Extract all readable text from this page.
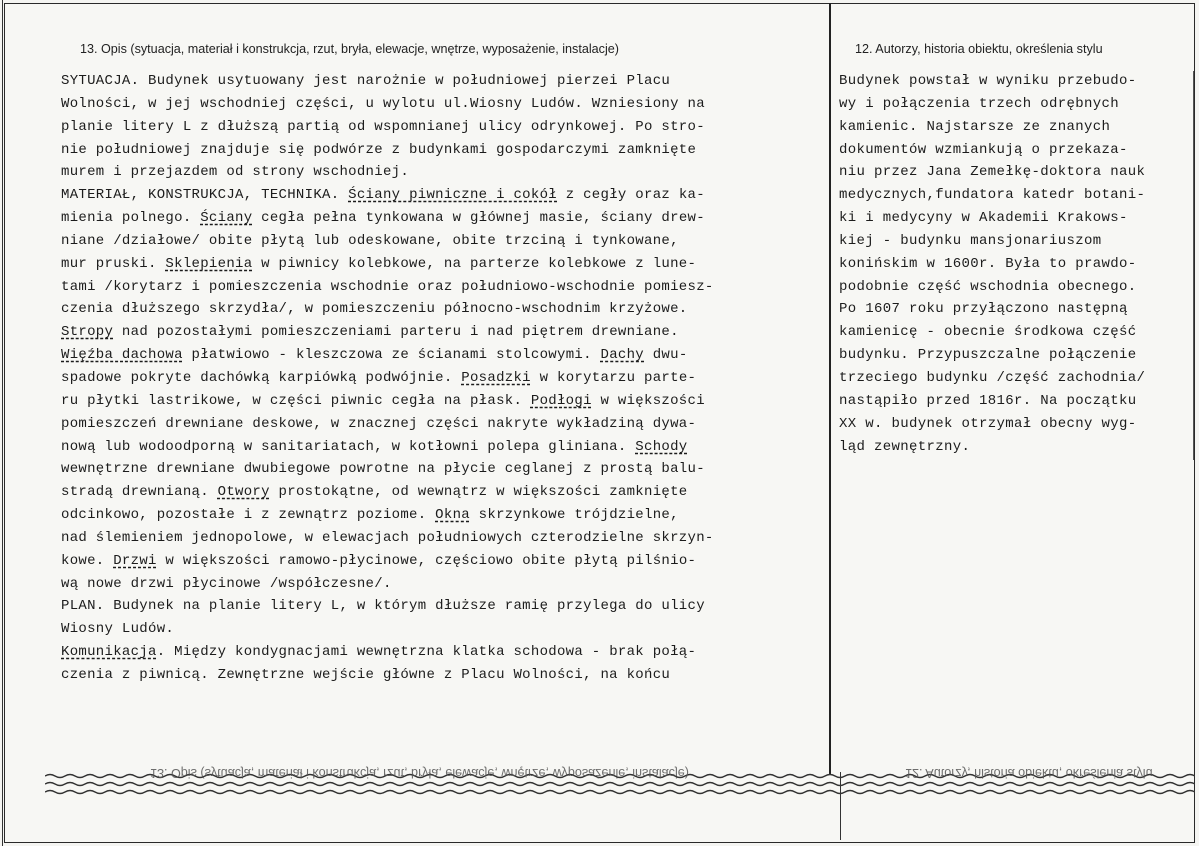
13. Opis (sytuacja, materiał i konstrukcja, rzut, bryła, elewacje, wnętrze, wyposażenie, instalacje)	12. Autorzy, historia obiektu, określenia stylu
SYTUACJA. Budynek usytuowany jest narożnie w południowej pierzei Placu
Wolności, w jej wschodniej części, u wylotu ul.Wiosny Ludów. Wzniesiony na
planie litery L z dłuższą partią od wspomnianej ulicy odrynkowej. Po stro-
nie południowej znajduje się podwórze z budynkami gospodarczymi zamknięte
murem i przejazdem od strony wschodniej.
MATERIAŁ, KONSTRUKCJA, TECHNIKA. Ściany piwniczne i cokół z cegły oraz ka-
mienia polnego. Ściany cegła pełna tynkowana w głównej masie, ściany drew-
niane /działowe/ obite płytą lub odeskowane, obite trzciną i tynkowane,
mur pruski. Sklepienia w piwnicy kolebkowe, na parterze kolebkowe z lune-
tami /korytarz i pomieszczenia wschodnie oraz południowo-wschodnie pomiesz-
czenia dłuższego skrzydła/, w pomieszczeniu północno-wschodnim krzyżowe.
Stropy nad pozostałymi pomieszczeniami parteru i nad piętrem drewniane.
Więźba dachowa płatwiowo - kleszczowa ze ścianami stolcowymi. Dachy dwu-
spadowe pokryte dachówką karpiówką podwójnie. Posadzki w korytarzu parte-
ru płytki lastrikowe, w części piwnic cegła na płask. Podłogi w większości
pomieszczeń drewniane deskowe, w znacznej części nakryte wykładziną dywa-
nową lub wodoodporną w sanitariatach, w kotłowni polepa gliniana. Schody
wewnętrzne drewniane dwubiegowe powrotne na płycie ceglanej z prostą balu-
stradą drewnianą. Otwory prostokątne, od wewnątrz w większości zamknięte
odcinkowo, pozostałe i z zewnątrz poziome. Okna skrzynkowe trójdzielne,
nad ślemieniem jednopolowe, w elewacjach południowych czterodzielne skrzyn-
kowe. Drzwi w większości ramowo-płycinowe, częściowo obite płytą pilśnio-
wą nowe drzwi płycinowe /współczesne/.
PLAN. Budynek na planie litery L, w którym dłuższe ramię przylega do ulicy
Wiosny Ludów.
Komunikacja. Między kondygnacjami wewnętrzna klatka schodowa - brak połą-
czenia z piwnicą. Zewnętrzne wejście główne z Placu Wolności, na końcu
Budynek powstał w wyniku przebudo-
wy i połączenia trzech odrębnych
kamienic. Najstarsze ze znanych
dokumentów wzmiankują o przekaza-
niu przez Jana Zemełkę-doktora nauk
medycznych,fundatora katedr botani-
ki i medycyny w Akademii Krakows-
kiej - budynku mansjonariuszom
konińskim w 1600r. Była to prawdo-
podobnie część wschodnia obecnego.
Po 1607 roku przyłączono następną
kamienicę - obecnie środkowa część
budynku. Przypuszczalne połączenie
trzeciego budynku /część zachodnia/
nastąpiło przed 1816r. Na początku
XX w. budynek otrzymał obecny wyg-
ląd zewnętrzny.
13. Opis (sytuacja, materiał i konstrukcja, rzut, bryła, elewacje, wnętrze, wyposażenie, instalacje)	12. Autorzy, historia obiektu, określenia stylu
